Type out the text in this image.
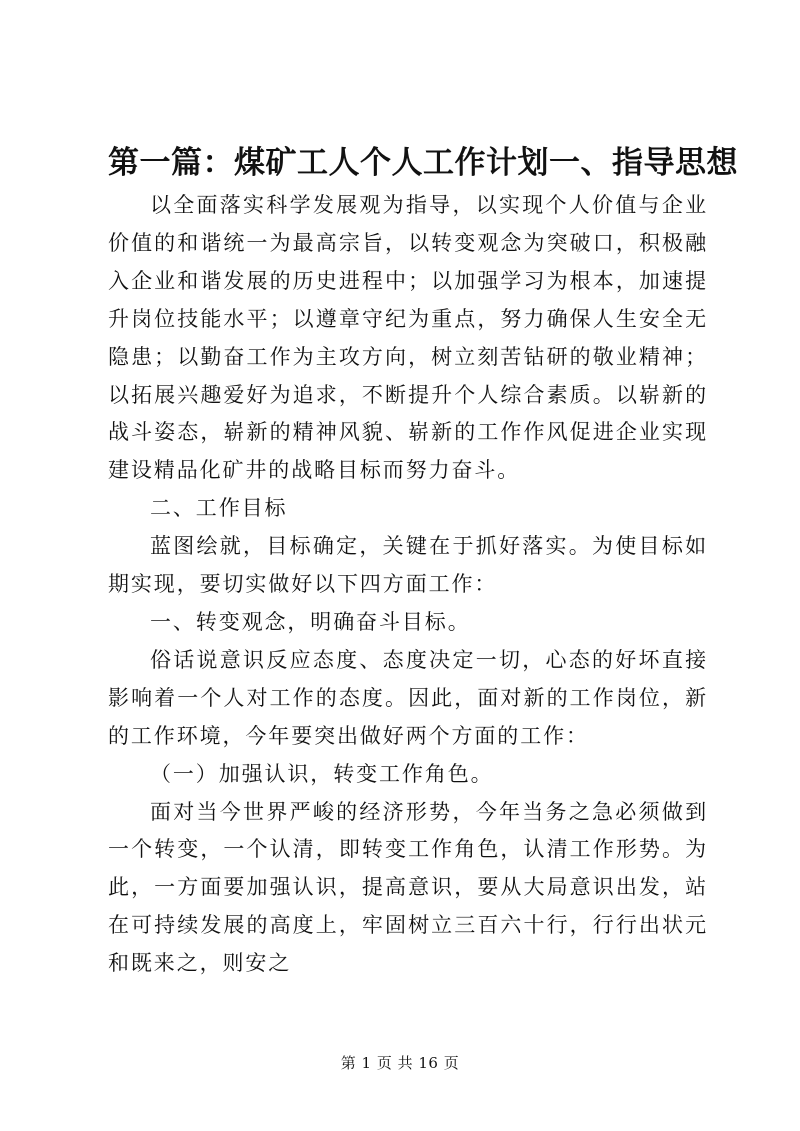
第一篇：煤矿工人个人工作计划一、指导思想

以全面落实科学发展观为指导，以实现个人价值与企业价值的和谐统一为最高宗旨，以转变观念为突破口，积极融入企业和谐发展的历史进程中；以加强学习为根本，加速提升岗位技能水平；以遵章守纪为重点，努力确保人生安全无隐患；以勤奋工作为主攻方向，树立刻苦钻研的敬业精神；以拓展兴趣爱好为追求，不断提升个人综合素质。以崭新的战斗姿态，崭新的精神风貌、崭新的工作作风促进企业实现建设精品化矿井的战略目标而努力奋斗。

二、工作目标

蓝图绘就，目标确定，关键在于抓好落实。为使目标如期实现，要切实做好以下四方面工作：

一、转变观念，明确奋斗目标。

俗话说意识反应态度、态度决定一切，心态的好坏直接影响着一个人对工作的态度。因此，面对新的工作岗位，新的工作环境，今年要突出做好两个方面的工作：

（一）加强认识，转变工作角色。

面对当今世界严峻的经济形势，今年当务之急必须做到一个转变，一个认清，即转变工作角色，认清工作形势。为此，一方面要加强认识，提高意识，要从大局意识出发，站在可持续发展的高度上，牢固树立三百六十行，行行出状元和既来之，则安之

第 1 页 共 16 页
